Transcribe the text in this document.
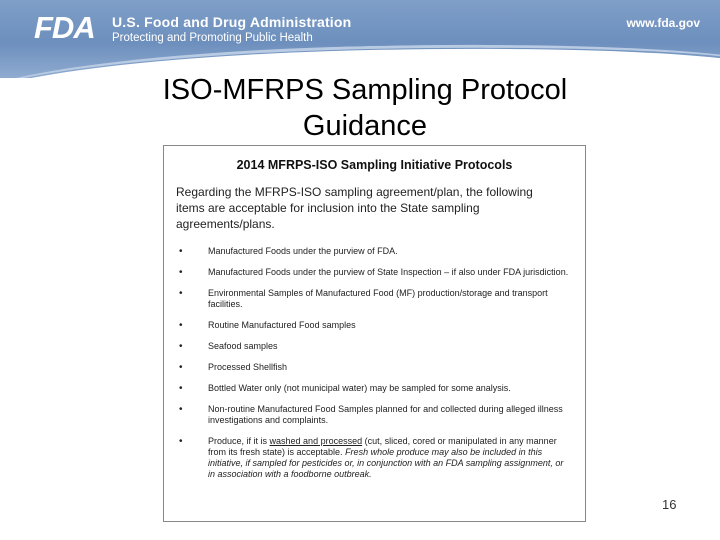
FDA	U.S. Food and Drug Administration
Protecting and Promoting Public Health
www.fda.gov
ISO-MFRPS Sampling Protocol Guidance
2014 MFRPS-ISO Sampling Initiative Protocols
Regarding the MFRPS-ISO sampling agreement/plan, the following items are acceptable for inclusion into the State sampling agreements/plans.
•	Manufactured Foods under the purview of FDA.
•	Manufactured Foods under the purview of State Inspection – if also under FDA jurisdiction.
•	Environmental Samples of Manufactured Food (MF) production/storage and transport facilities.
•	Routine Manufactured Food samples
•	Seafood samples
•	Processed Shellfish
•	Bottled Water only (not municipal water) may be sampled for some analysis.
•	Non-routine Manufactured Food Samples planned for and collected during alleged illness investigations and complaints.
•	Produce, if it is washed and processed (cut, sliced, cored or manipulated in any manner from its fresh state) is acceptable. Fresh whole produce may also be included in this initiative, if sampled for pesticides or, in conjunction with an FDA sampling assignment, or in association with a foodborne outbreak.
16
